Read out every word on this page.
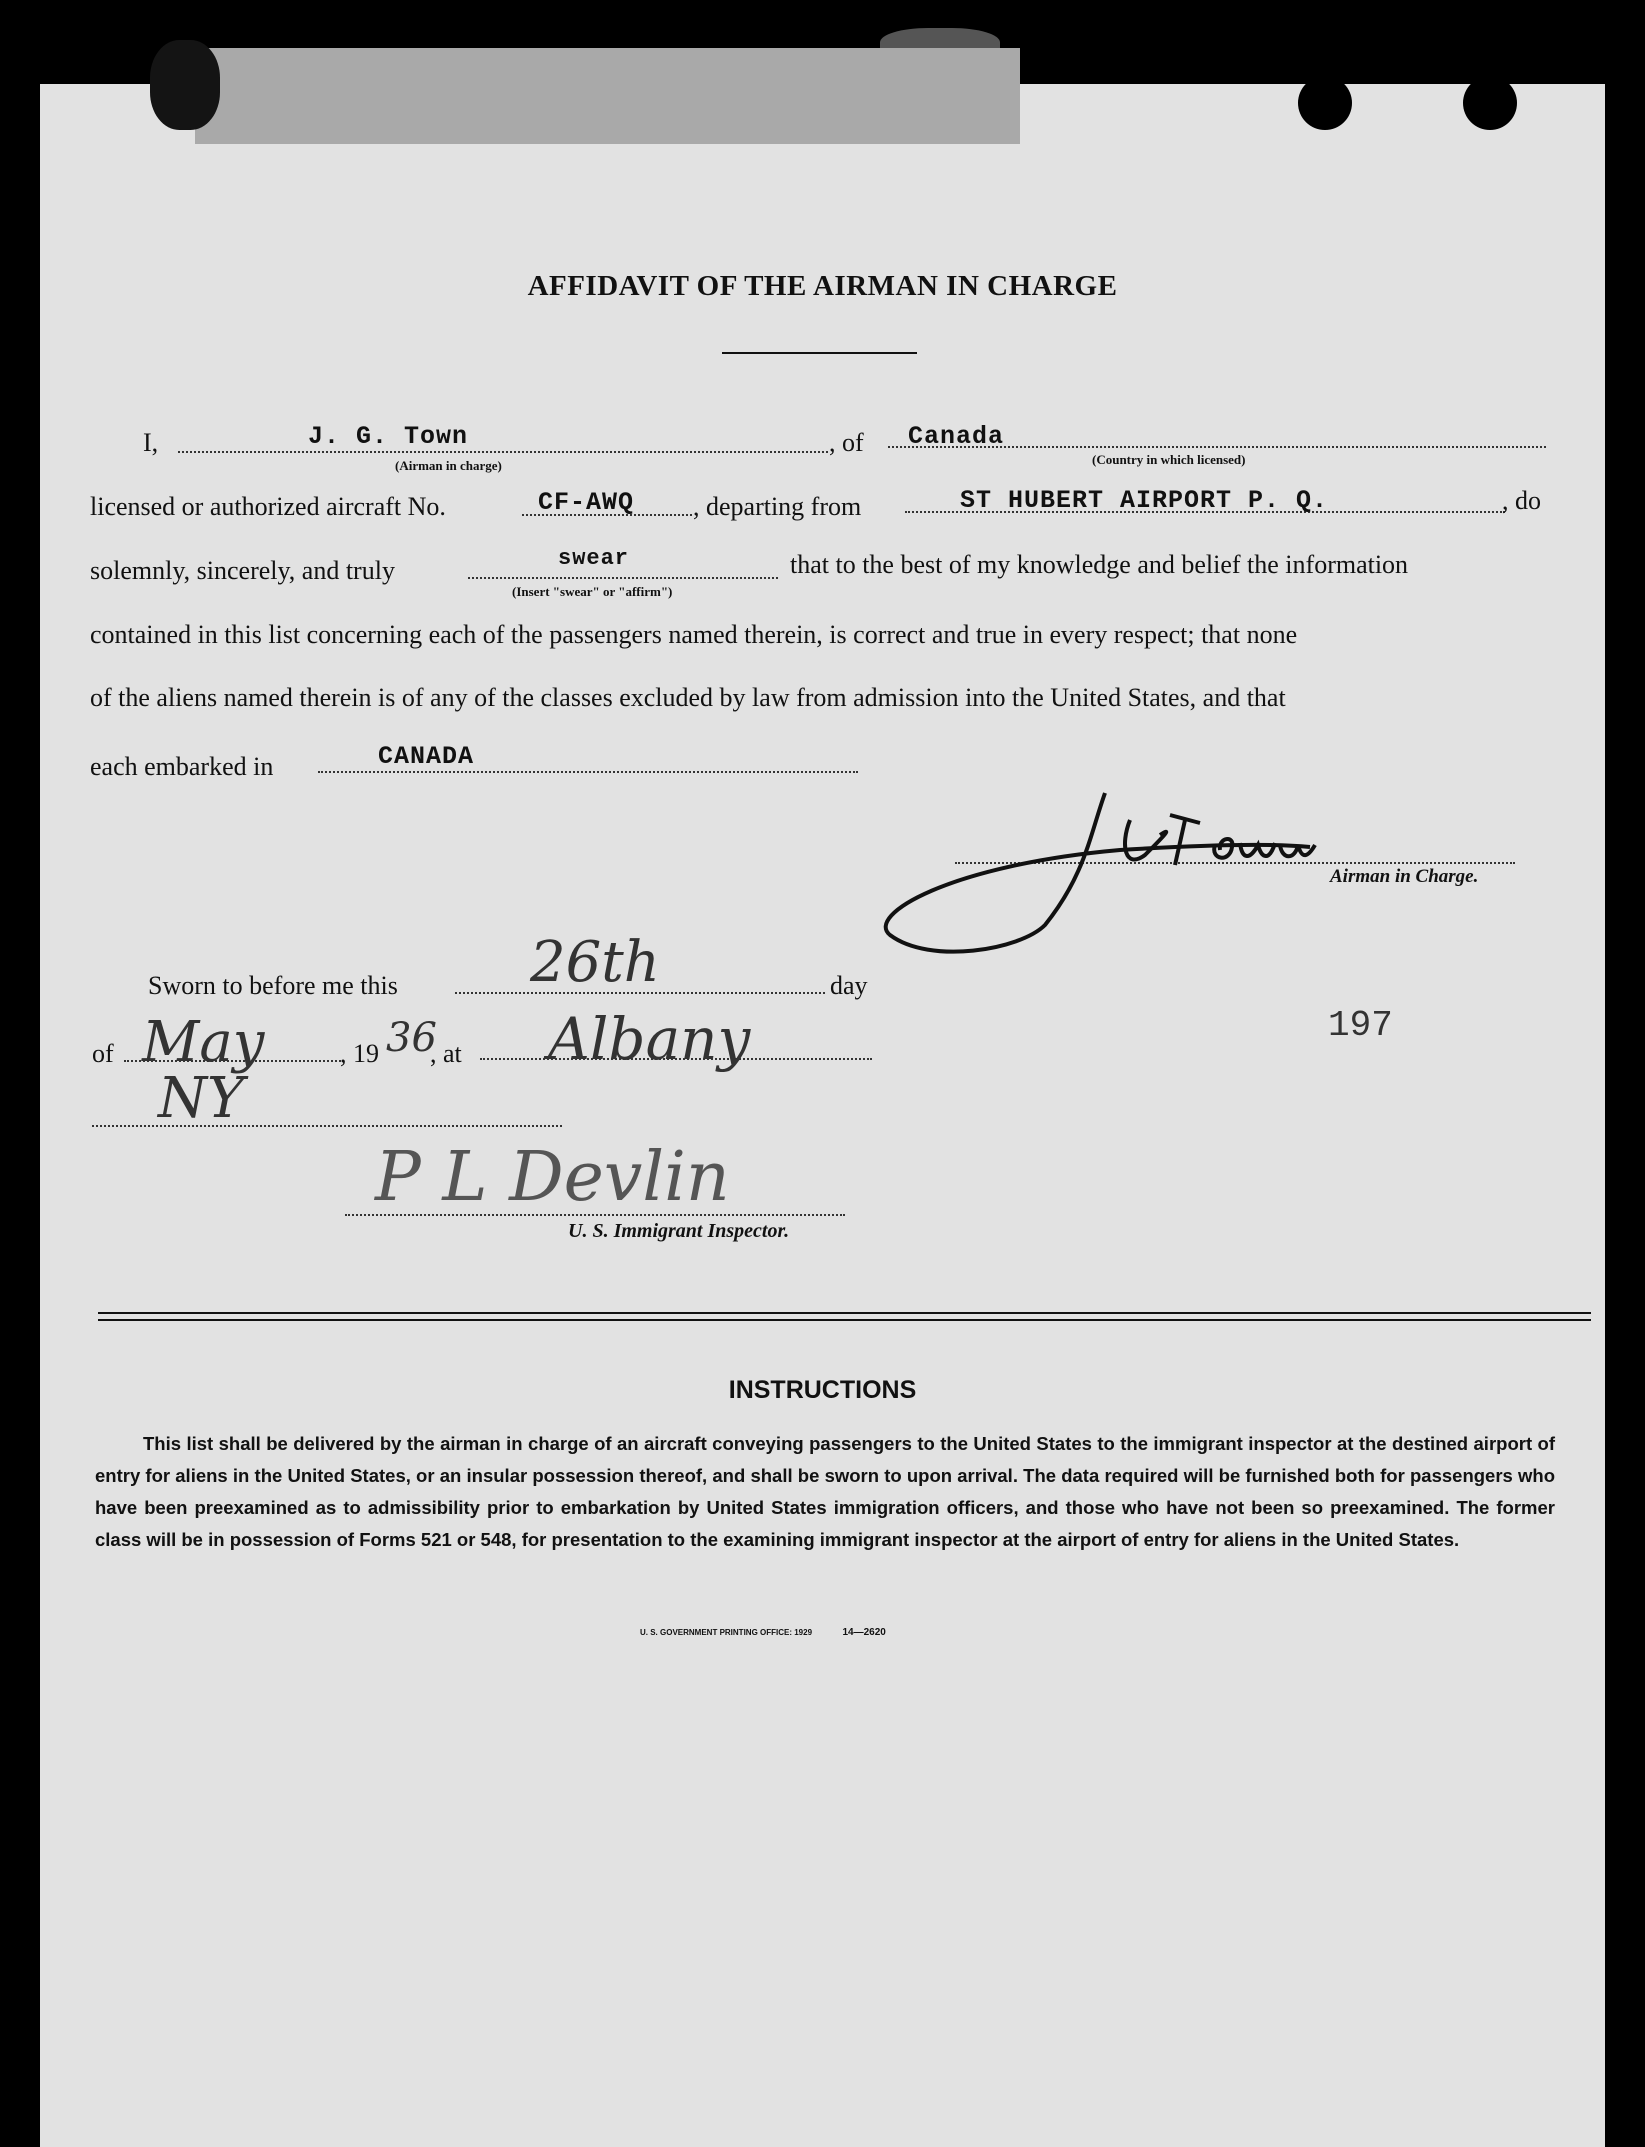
AFFIDAVIT OF THE AIRMAN IN CHARGE
I,	J. G. Town
(Airman in charge)
, of Canada
(Country in which licensed)
licensed or authorized aircraft No.	CF-AWQ , departing from	ST HUBERT AIRPORT P. Q.	, do
solemnly, sincerely, and truly	swear
(Insert "swear" or "affirm")
that to the best of my knowledge and belief the information
contained in this list concerning each of the passengers named therein, is correct and true in every respect; that none
of the aliens named therein is of any of the classes excluded by law from admission into the United States, and that
each embarked in	CANADA
Airman in Charge.
Sworn to before me this 26th	day
of May	, 19 36
, at Albany
NY
197
P L Devlin
U. S. Immigrant Inspector.
INSTRUCTIONS
This list shall be delivered by the airman in charge of an aircraft conveying passengers to the United States to the immigrant inspector at the destined airport of entry for aliens in the United States, or an insular possession thereof, and shall be sworn to upon arrival. The data required will be furnished both for passengers who have been preexamined as to admissibility prior to embarkation by United States immigration officers, and those who have not been so preexamined. The former class will be in possession of Forms 521 or 548, for presentation to the examining immigrant inspector at the airport of entry for aliens in the United States.
U. S. GOVERNMENT PRINTING OFFICE: 1929	14—2620
